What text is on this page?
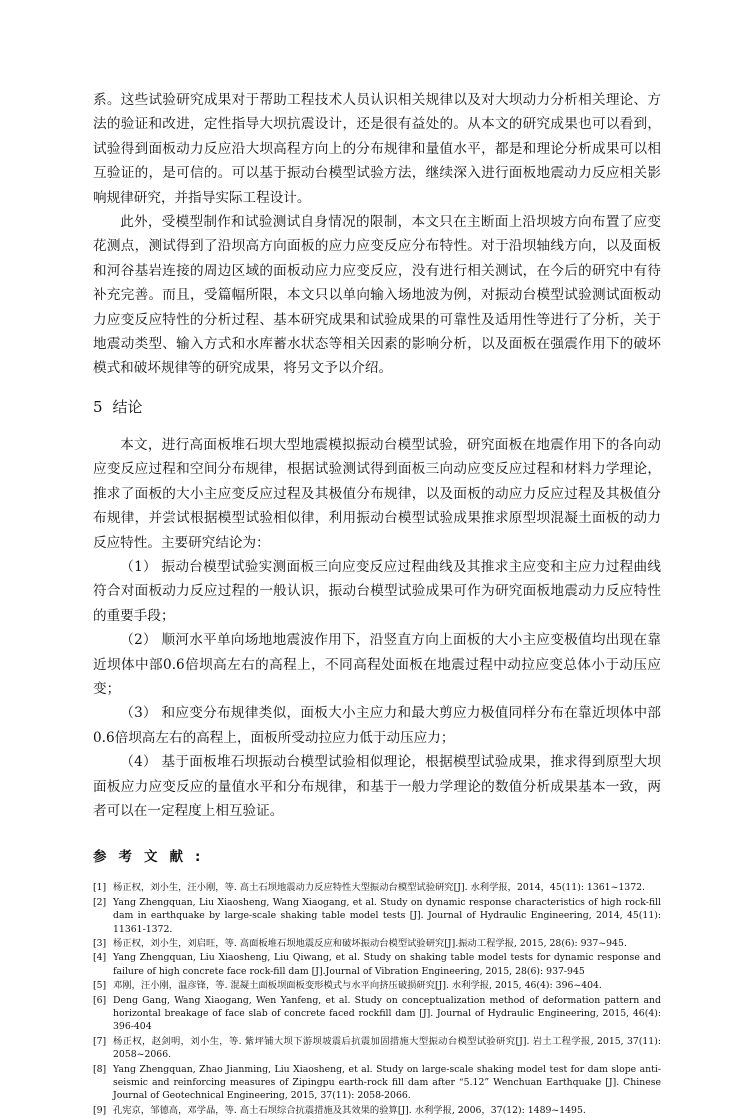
系。这些试验研究成果对于帮助工程技术人员认识相关规律以及对大坝动力分析相关理论、方法的验证和改进，定性指导大坝抗震设计，还是很有益处的。从本文的研究成果也可以看到，试验得到面板动力反应沿大坝高程方向上的分布规律和量值水平，都是和理论分析成果可以相互验证的，是可信的。可以基于振动台模型试验方法，继续深入进行面板地震动力反应相关影响规律研究，并指导实际工程设计。

此外，受模型制作和试验测试自身情况的限制，本文只在主断面上沿坝坡方向布置了应变花测点，测试得到了沿坝高方向面板的应力应变反应分布特性。对于沿坝轴线方向，以及面板和河谷基岩连接的周边区域的面板动应力应变反应，没有进行相关测试，在今后的研究中有待补充完善。而且，受篇幅所限，本文只以单向输入场地波为例，对振动台模型试验测试面板动力应变反应特性的分析过程、基本研究成果和试验成果的可靠性及适用性等进行了分析，关于地震动类型、输入方式和水库蓄水状态等相关因素的影响分析，以及面板在强震作用下的破坏模式和破坏规律等的研究成果，将另文予以介绍。

5 结论

本文，进行高面板堆石坝大型地震模拟振动台模型试验，研究面板在地震作用下的各向动应变反应过程和空间分布规律，根据试验测试得到面板三向动应变反应过程和材料力学理论，推求了面板的大小主应变反应过程及其极值分布规律，以及面板的动应力反应过程及其极值分布规律，并尝试根据模型试验相似律，利用振动台模型试验成果推求原型坝混凝土面板的动力反应特性。主要研究结论为：

（1） 振动台模型试验实测面板三向应变反应过程曲线及其推求主应变和主应力过程曲线符合对面板动力反应过程的一般认识，振动台模型试验成果可作为研究面板地震动力反应特性的重要手段；

（2） 顺河水平单向场地地震波作用下，沿竖直方向上面板的大小主应变极值均出现在靠近坝体中部0.6倍坝高左右的高程上，不同高程处面板在地震过程中动拉应变总体小于动压应变；

（3） 和应变分布规律类似，面板大小主应力和最大剪应力极值同样分布在靠近坝体中部0.6倍坝高左右的高程上，面板所受动拉应力低于动压应力；

（4） 基于面板堆石坝振动台模型试验相似理论，根据模型试验成果，推求得到原型大坝面板应力应变反应的量值水平和分布规律，和基于一般力学理论的数值分析成果基本一致，两者可以在一定程度上相互验证。

参考文献:
[1] 杨正权，刘小生，汪小刚，等. 高土石坝地震动力反应特性大型振动台模型试验研究[J]. 水利学报，2014，45(11): 1361~1372.
[2] Yang Zhengquan, Liu Xiaosheng, Wang Xiaogang, et al. Study on dynamic response characteristics of high rock-fill dam in earthquake by large-scale shaking table model tests [J]. Journal of Hydraulic Engineering, 2014, 45(11): 11361-1372.
[3] 杨正权，刘小生，刘启旺，等. 高面板堆石坝地震反应和破坏振动台模型试验研究[J].振动工程学报, 2015, 28(6): 937~945.
[4] Yang Zhengquan, Liu Xiaosheng, Liu Qiwang, et al. Study on shaking table model tests for dynamic response and failure of high concrete face rock-fill dam [J].Journal of Vibration Engineering, 2015, 28(6): 937-945
[5] 邓刚，汪小刚，温彦锋，等. 混凝土面板坝面板变形模式与水平向挤压破损研究[J]. 水利学报, 2015, 46(4): 396~404.
[6] Deng Gang, Wang Xiaogang, Wen Yanfeng, et al. Study on conceptualization method of deformation pattern and horizontal breakage of face slab of concrete faced rockfill dam [J]. Journal of Hydraulic Engineering, 2015, 46(4): 396-404
[7] 杨正权，赵剑明，刘小生，等. 紫坪铺大坝下游坝坡震后抗震加固措施大型振动台模型试验研究[J]. 岩土工程学报, 2015, 37(11): 2058~2066.
[8] Yang Zhengquan, Zhao Jianming, Liu Xiaosheng, et al. Study on large-scale shaking model test for dam slope anti-seismic and reinforcing measures of Zipingpu earth-rock fill dam after “5.12” Wenchuan Earthquake [J]. Chinese Journal of Geotechnical Engineering, 2015, 37(11): 2058-2066.
[9] 孔宪京，邹德高，邓学晶，等. 高土石坝综合抗震措施及其效果的验算[J]. 水利学报, 2006，37(12): 1489~1495.
